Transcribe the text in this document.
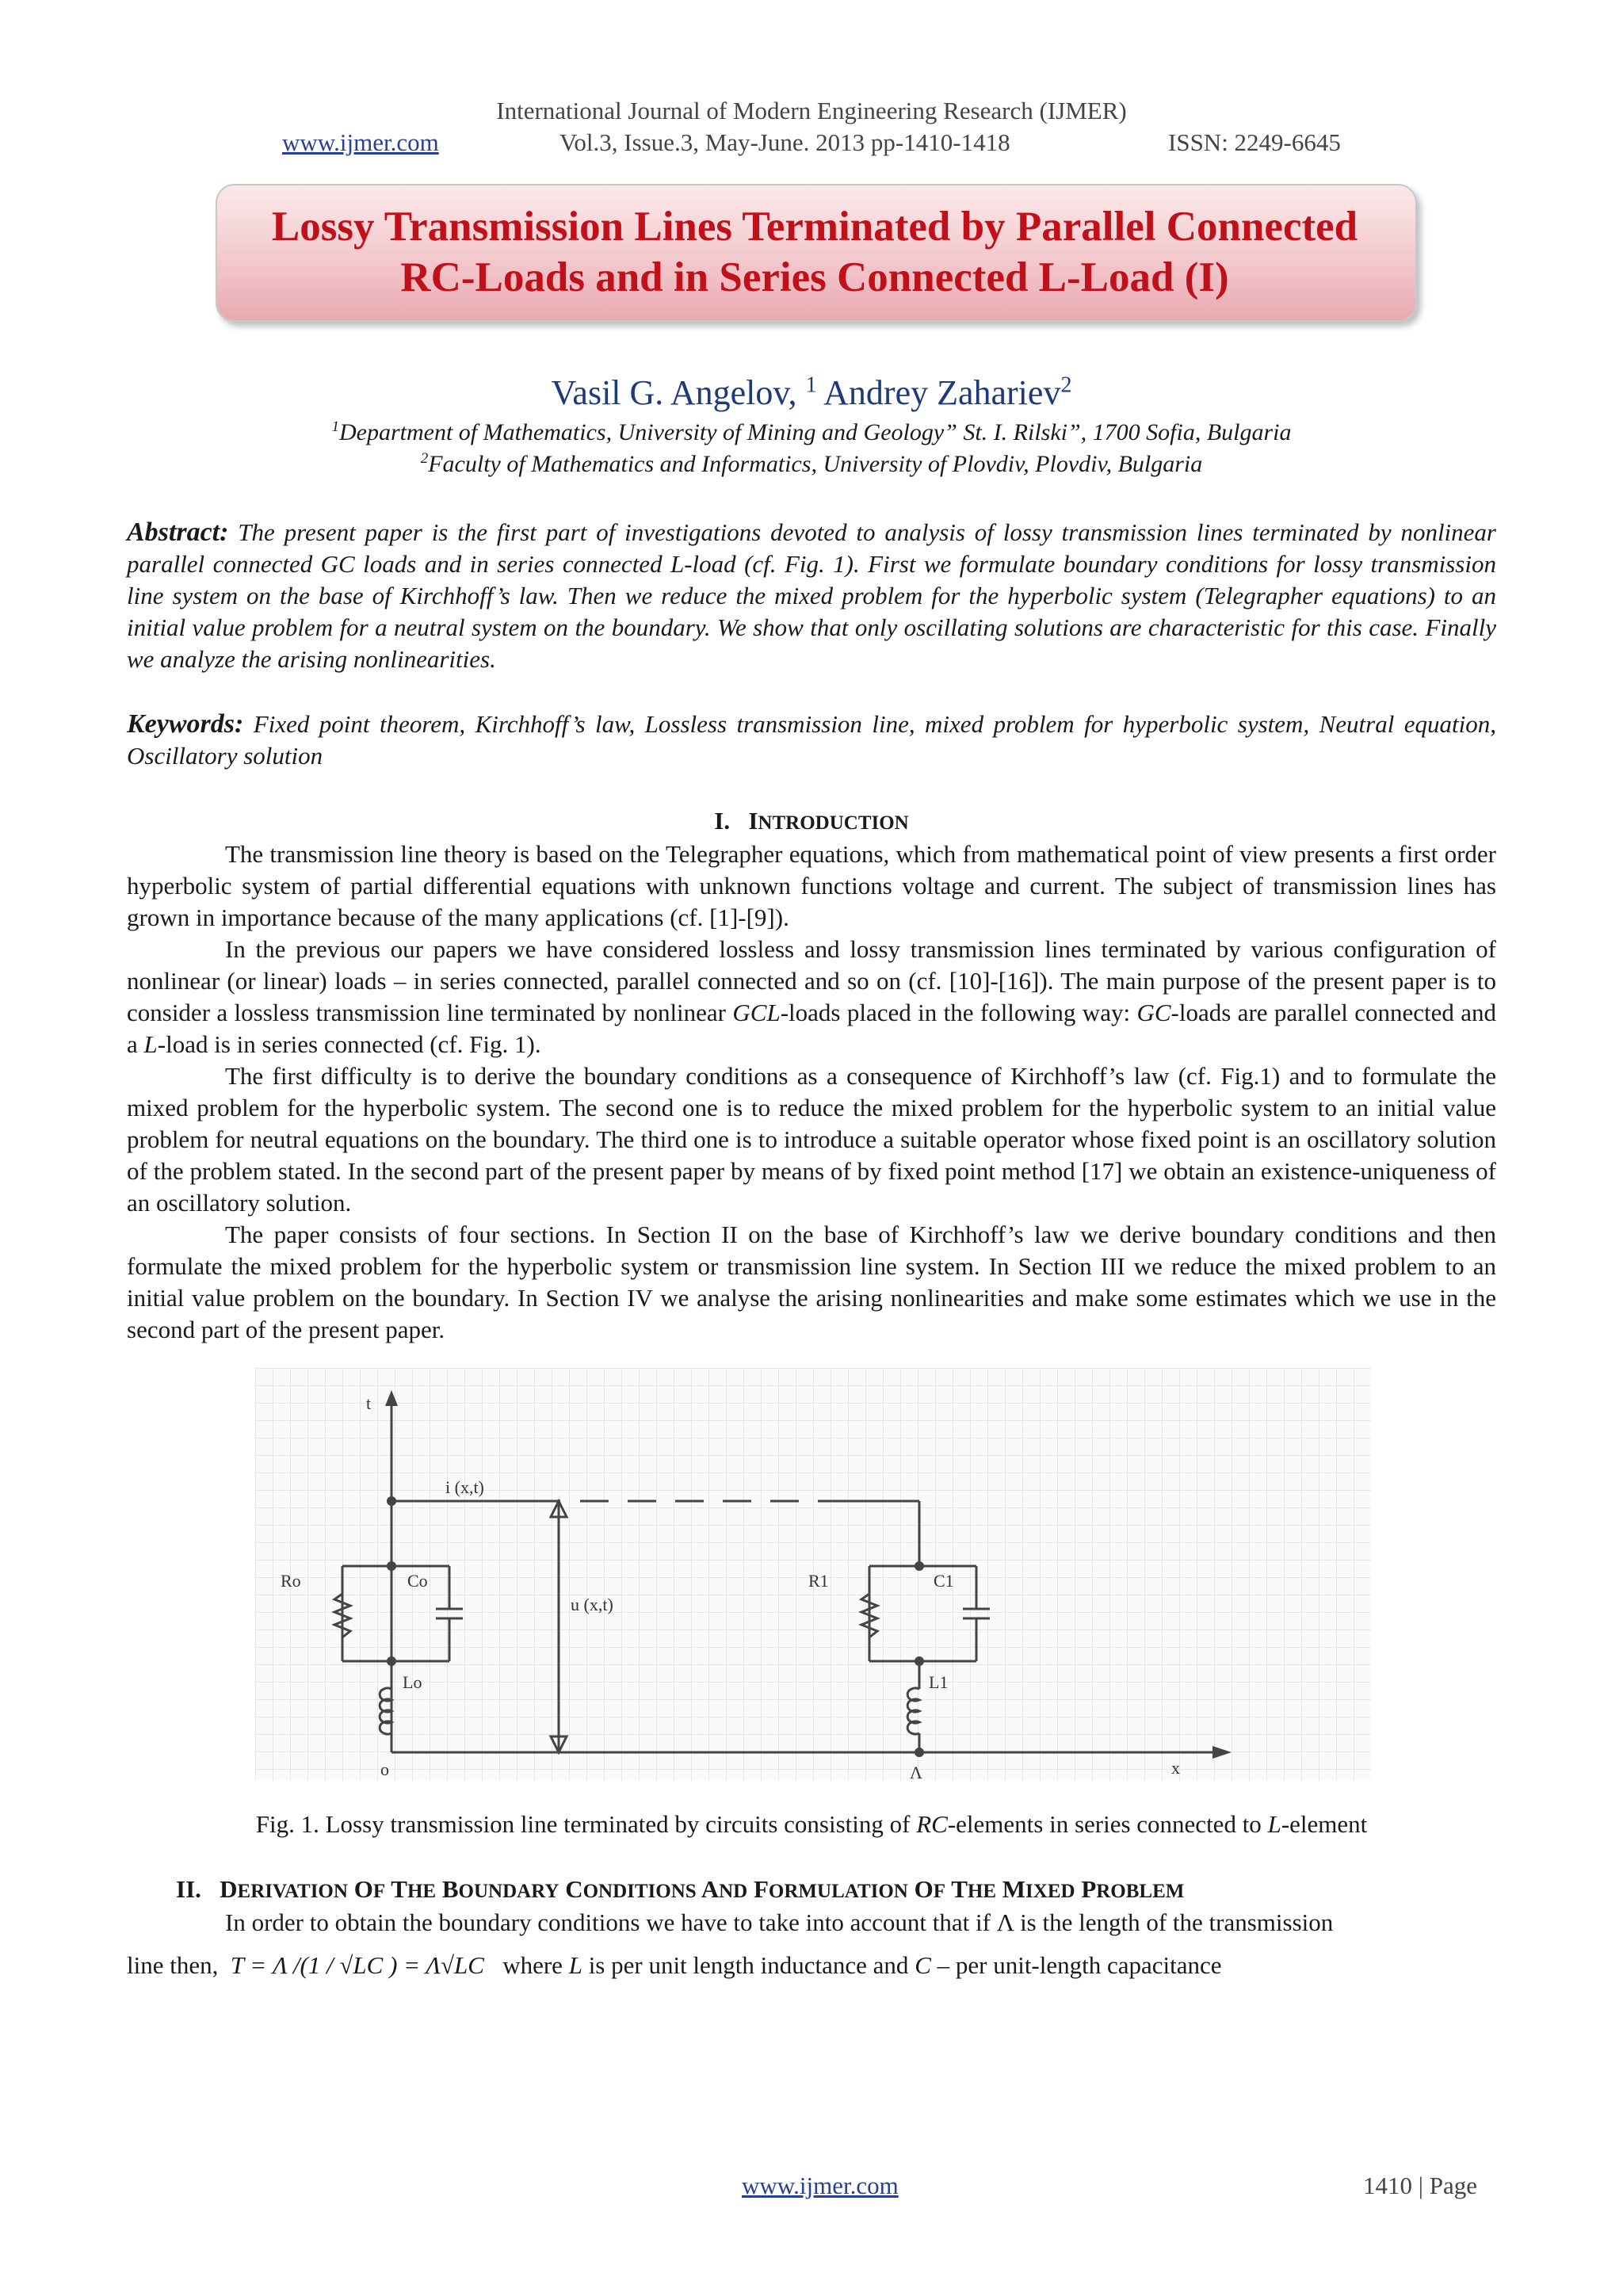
International Journal of Modern Engineering Research (IJMER)
www.ijmer.com	Vol.3, Issue.3, May-June. 2013 pp-1410-1418	ISSN: 2249-6645
Lossy Transmission Lines Terminated by Parallel Connected
RC-Loads and in Series Connected L-Load (I)
Vasil G. Angelov, $^1$ Andrey Zahariev$^2$
$^1$Department of Mathematics, University of Mining and Geology” St. I. Rilski”, 1700 Sofia, Bulgaria
$^2$Faculty of Mathematics and Informatics, University of Plovdiv, Plovdiv, Bulgaria
Abstract: The present paper is the first part of investigations devoted to analysis of lossy transmission lines terminated by nonlinear parallel connected GC loads and in series connected L-load (cf. Fig. 1). First we formulate boundary conditions for lossy transmission line system on the base of Kirchhoff’s law. Then we reduce the mixed problem for the hyperbolic system (Telegrapher equations) to an initial value problem for a neutral system on the boundary. We show that only oscillating solutions are characteristic for this case. Finally we analyze the arising nonlinearities.
Keywords: Fixed point theorem, Kirchhoff’s law, Lossless transmission line, mixed problem for hyperbolic system, Neutral equation, Oscillatory solution
I. INTRODUCTION

The transmission line theory is based on the Telegrapher equations, which from mathematical point of view presents a first order hyperbolic system of partial differential equations with unknown functions voltage and current. The subject of transmission lines has grown in importance because of the many applications (cf. [1]-[9]).

In the previous our papers we have considered lossless and lossy transmission lines terminated by various configuration of nonlinear (or linear) loads – in series connected, parallel connected and so on (cf. [10]-[16]). The main purpose of the present paper is to consider a lossless transmission line terminated by nonlinear GCL-loads placed in the following way: GC-loads are parallel connected and a L-load is in series connected (cf. Fig. 1).

The first difficulty is to derive the boundary conditions as a consequence of Kirchhoff’s law (cf. Fig.1) and to formulate the mixed problem for the hyperbolic system. The second one is to reduce the mixed problem for the hyperbolic system to an initial value problem for neutral equations on the boundary. The third one is to introduce a suitable operator whose fixed point is an oscillatory solution of the problem stated. In the second part of the present paper by means of by fixed point method [17] we obtain an existence-uniqueness of an oscillatory solution.

The paper consists of four sections. In Section II on the base of Kirchhoff’s law we derive boundary conditions and then formulate the mixed problem for the hyperbolic system or transmission line system. In Section III we reduce the mixed problem to an initial value problem on the boundary. In Section IV we analyse the arising nonlinearities and make some estimates which we use in the second part of the present paper.

t
i (x,t)
u (x,t)
Ro	Co
Lo
R1	C1
L1
o	Λ	x
Fig. 1. Lossy transmission line terminated by circuits consisting of RC-elements in series connected to L-element
II. DERIVATION OF THE BOUNDARY CONDITIONS AND FORMULATION OF THE MIXED PROBLEM

In order to obtain the boundary conditions we have to take into account that if Λ is the length of the transmission

line then, T = Λ /(1 / √LC ) = Λ√LC where L is per unit length inductance and C – per unit-length capacitance
www.ijmer.com	1410 | Page
